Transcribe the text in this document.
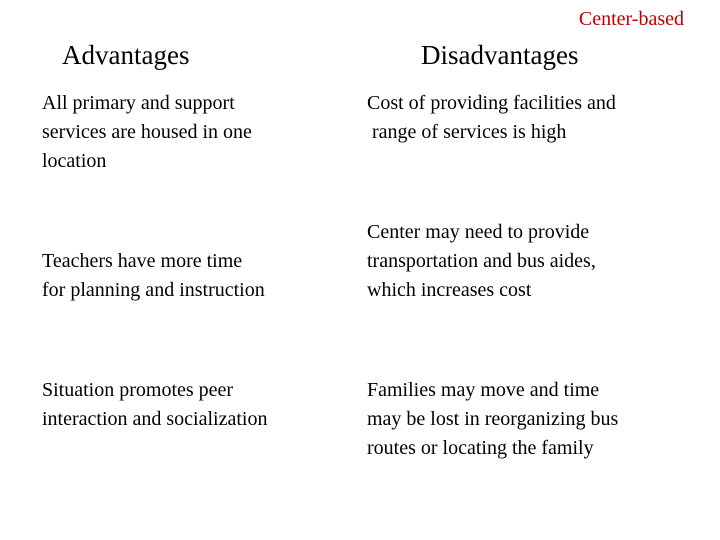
Center-based
Advantages	Disadvantages
All primary and support
services are housed in one
location
Teachers have more time
for planning and instruction
Situation promotes peer
interaction and socialization
Cost of providing facilities and
range of services is high
Center may need to provide
transportation and bus aides,
which increases cost
Families may move and time
may be lost in reorganizing bus
routes or locating the family
